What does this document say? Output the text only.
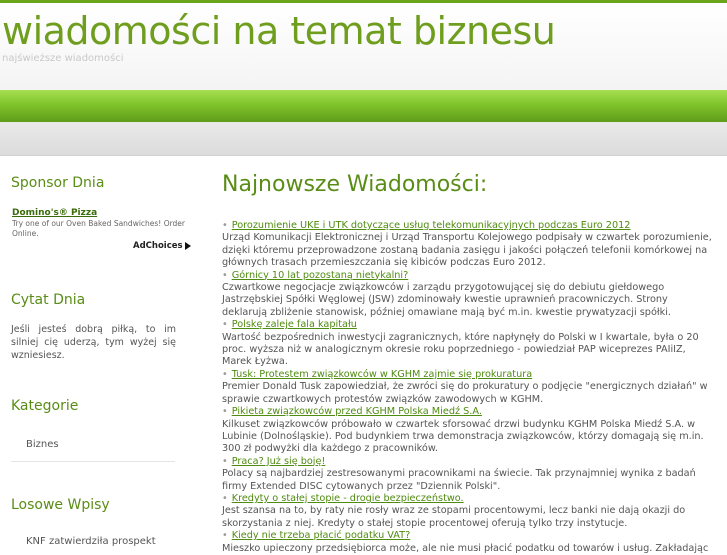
wiadomości na temat biznesu
najświeższe wiadomości
Sponsor Dnia
Domino's® Pizza
Try one of our Oven Baked Sandwiches! Order Online.
AdChoices
Cytat Dnia
Jeśli jesteś dobrą piłką, to im silniej cię uderzą, tym wyżej się wzniesiesz.
Kategorie
Biznes
Losowe Wpisy
KNF zatwierdziła prospekt
Najnowsze Wiadomości:
• Porozumienie UKE i UTK dotyczące usług telekomunikacyjnych podczas Euro 2012
Urząd Komunikacji Elektronicznej i Urząd Transportu Kolejowego podpisały w czwartek porozumienie, dzięki któremu przeprowadzone zostaną badania zasięgu i jakości połączeń telefonii komórkowej na głównych trasach przemieszczania się kibiców podczas Euro 2012.
• Górnicy 10 lat pozostaną nietykalni?
Czwartkowe negocjacje związkowców i zarządu przygotowującej się do debiutu giełdowego Jastrzębskiej Spółki Węglowej (JSW) zdominowały kwestie uprawnień pracowniczych. Strony deklarują zbliżenie stanowisk, później omawiane mają być m.in. kwestie prywatyzacji spółki.
• Polskę zaleje fala kapitału
Wartość bezpośrednich inwestycji zagranicznych, które napłynęły do Polski w I kwartale, była o 20 proc. wyższa niż w analogicznym okresie roku poprzedniego - powiedział PAP wiceprezes PAIiIZ, Marek Łyżwa.
• Tusk: Protestem związkowców w KGHM zajmie się prokuratura
Premier Donald Tusk zapowiedział, że zwróci się do prokuratury o podjęcie "energicznych działań" w sprawie czwartkowych protestów związków zawodowych w KGHM.
• Pikieta związkowców przed KGHM Polska Miedź S.A.
Kilkuset związkowców próbowało w czwartek sforsować drzwi budynku KGHM Polska Miedź S.A. w Lubinie (Dolnośląskie). Pod budynkiem trwa demonstracja związkowców, którzy domagają się m.in. 300 zł podwyżki dla każdego z pracowników.
• Praca? Już się boję!
Polacy są najbardziej zestresowanymi pracownikami na świecie. Tak przynajmniej wynika z badań firmy Extended DISC cytowanych przez "Dziennik Polski".
• Kredyty o stałej stopie - drogie bezpieczeństwo.
Jest szansa na to, by raty nie rosły wraz ze stopami procentowymi, lecz banki nie dają okazji do skorzystania z niej. Kredyty o stałej stopie procentowej oferują tylko trzy instytucje.
• Kiedy nie trzeba płacić podatku VAT?
Mieszko upieczony przedsiębiorca może, ale nie musi płacić podatku od towarów i usług. Zakładając
